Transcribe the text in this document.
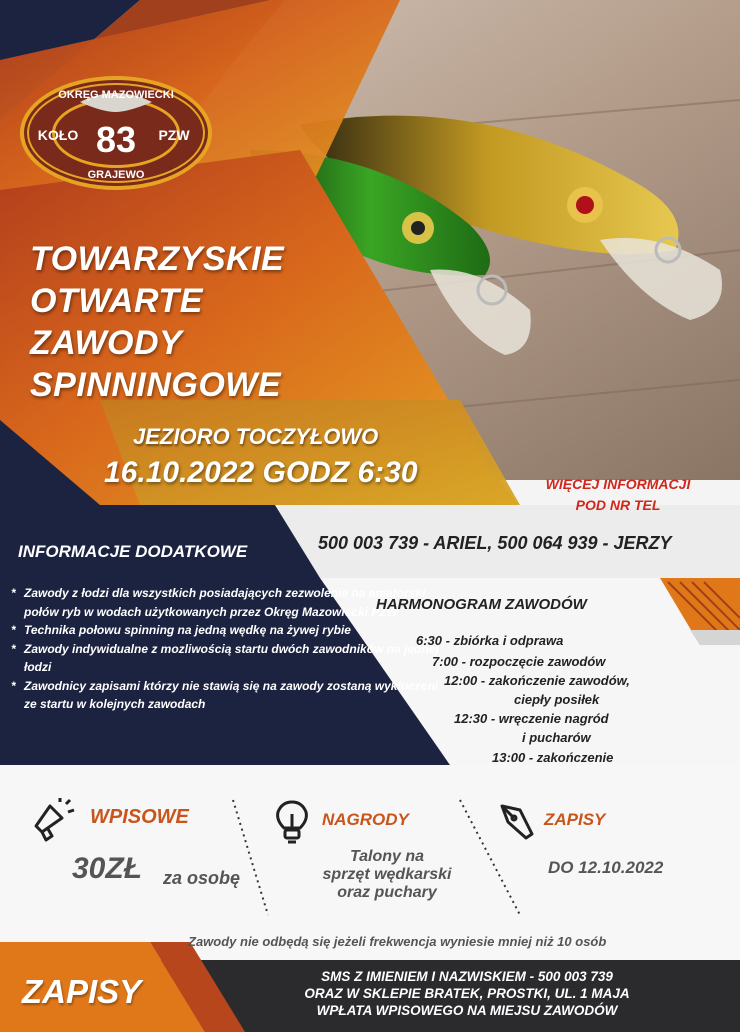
OKRĘG MAZOWIECKI
KOŁO 83 PZW
GRAJEWO
TOWARZYSKIE
OTWARTE
ZAWODY
SPINNINGOWE
JEZIORO TOCZYŁOWO
16.10.2022 GODZ 6:30	WIĘCEJ INFORMACJI
POD NR TEL
500 003 739 - ARIEL, 500 064 939 - JERZY
INFORMACJE DODATKOWE
* Zawody z łodzi dla wszystkich posiadających zezwolenie na amatorski połów ryb w wodach użytkowanych przez Okręg Mazowiecki PZW
* Technika połowu spinning na jedną wędkę na żywej rybie
* Zawody indywidualne z mozliwością startu dwóch zawodników na jednej łodzi
* Zawodnicy zapisami którzy nie stawią się na zawody zostaną wykluczeni ze startu w kolejnych zawodach
HARMONOGRAM ZAWODÓW
6:30 - zbiórka i odprawa
7:00 - rozpoczęcie zawodów
12:00 - zakończenie zawodów,
ciepły posiłek
12:30 - wręczenie nagród
i pucharów
13:00 - zakończenie
WPISOWE
30ZŁ za osobę
NAGRODY
Talony na
sprzęt wędkarski
oraz puchary
ZAPISY
DO 12.10.2022
Zawody nie odbędą się jeżeli frekwencja wyniesie mniej niż 10 osób
ZAPISY	SMS Z IMIENIEM I NAZWISKIEM - 500 003 739
ORAZ W SKLEPIE BRATEK, PROSTKI, UL. 1 MAJA
WPŁATA WPISOWEGO NA MIEJSU ZAWODÓW
